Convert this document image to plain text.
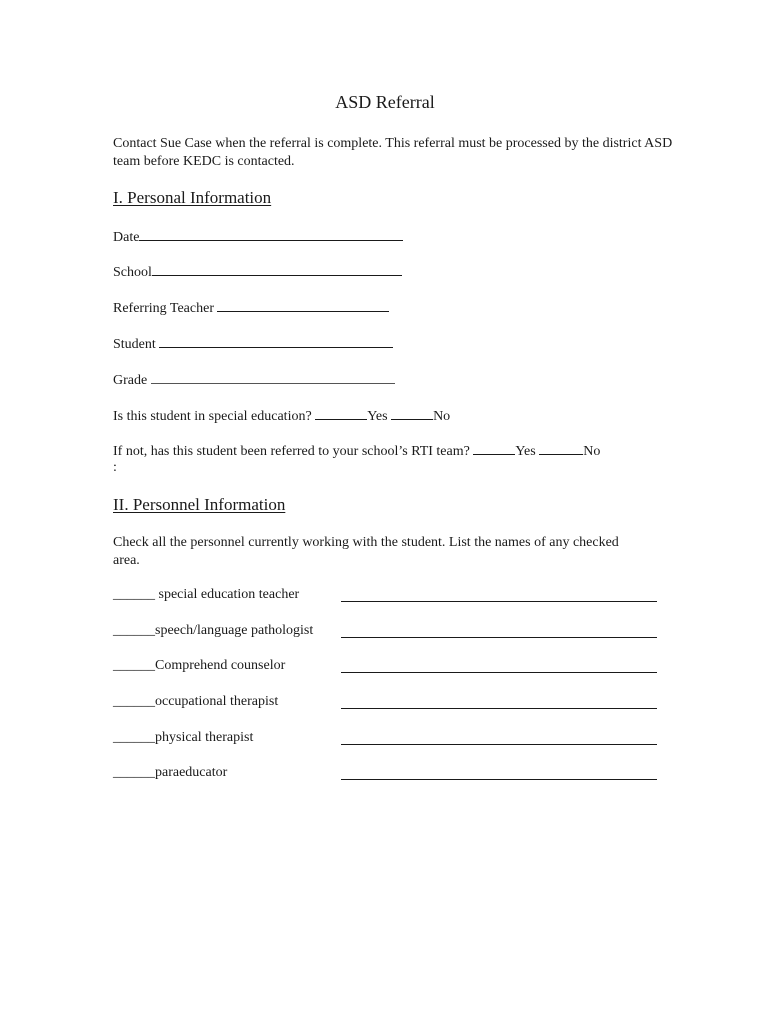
ASD Referral
Contact Sue Case when the referral is complete. This referral must be processed by the district ASD team before KEDC is contacted.
I. Personal Information
Date
School
Referring Teacher
Student
Grade
Is this student in special education?	Yes	No
If not, has this student been referred to your school’s RTI team?	Yes	No
:
II. Personnel Information
Check all the personnel currently working with the student. List the names of any checked area.
______ special education teacher
______speech/language pathologist
______Comprehend counselor
______occupational therapist
______physical therapist
______paraeducator
